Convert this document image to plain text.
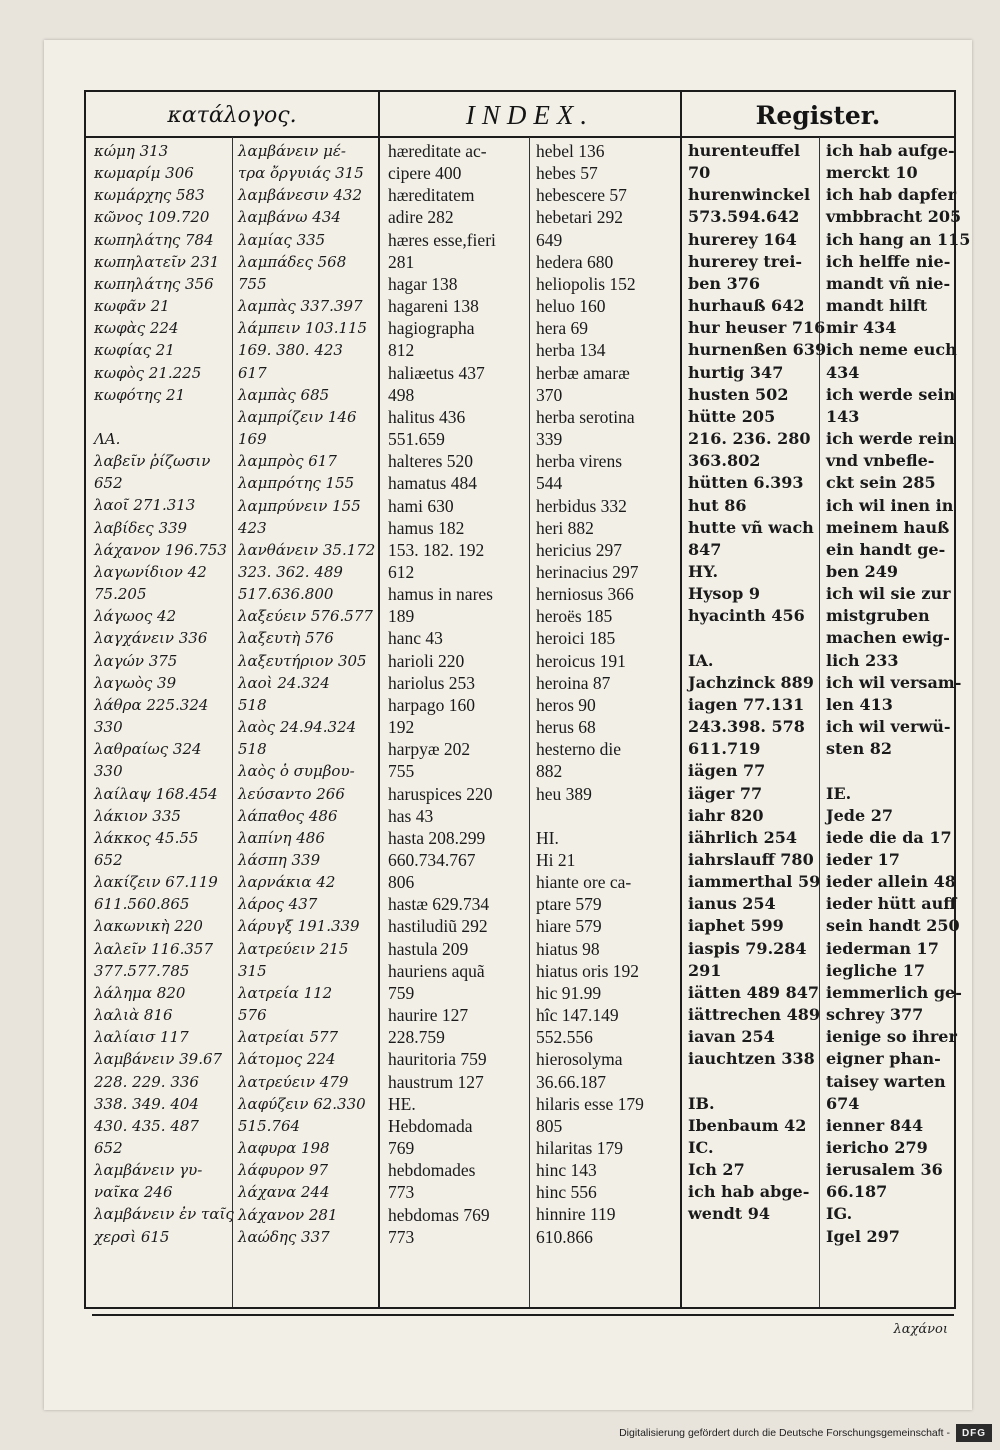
κατάλογος.	INDEX.	Register.
κώμη 313
κωμαρίμ 306
κωμάρχης 583
κῶνος 109.720
κωπηλάτης 784
κωπηλατεῖν 231
κωπηλάτης 356
κωφᾶν 21
κωφὰς 224
κωφίας 21
κωφὸς 21.225
κωφότης 21
ΛΑ.
λαβεῖν ῥίζωσιν
652
λαοῖ 271.313
λαβίδες 339
λάχανον 196.753
λαγωνίδιον 42
75.205
λάγωος 42
λαγχάνειν 336
λαγών 375
λαγωὸς 39
λάθρα 225.324
330
λαθραίως 324
330
λαίλαψ 168.454
λάκιον 335
λάκκος 45.55
652
λακίζειν 67.119
611.560.865
λακωνικὴ 220
λαλεῖν 116.357
377.577.785
λάλημα 820
λαλιὰ 816
λαλίαισ 117
λαμβάνειν 39.67
228. 229. 336
338. 349. 404
430. 435. 487
652
λαμβάνειν γυ-
ναῖκα 246
λαμβάνειν ἐν ταῖς
χερσὶ 615
λαμβάνειν μέ-
τρα ὄργυιάς 315
λαμβάνεσιν 432
λαμβάνω 434
λαμίας 335
λαμπάδες 568
755
λαμπὰς 337.397
λάμπειν 103.115
169. 380. 423
617
λαμπὰς 685
λαμπρίζειν 146
169
λαμπρὸς 617
λαμπρότης 155
λαμπρύνειν 155
423
λανθάνειν 35.172
323. 362. 489
517.636.800
λαξεύειν 576.577
λαξευτὴ 576
λαξευτήριον 305
λαοὶ 24.324
518
λαὸς 24.94.324
518
λαὸς ὁ συμβου-
λεύσαντο 266
λάπαθος 486
λαπίνη 486
λάσπη 339
λαρνάκια 42
λάρος 437
λάρυγξ 191.339
λατρεύειν 215
315
λατρεία 112
576
λατρείαι 577
λάτομος 224
λατρεύειν 479
λαφύζειν 62.330
515.764
λαφυρα 198
λάφυρον 97
λάχανα 244
λάχανον 281
λαώδης 337
hæreditate ac-
cipere 400
hæreditatem
adire 282
hæres esse,fieri
281
hagar 138
hagareni 138
hagiographa
812
haliæetus 437
498
halitus 436
551.659
halteres 520
hamatus 484
hami 630
hamus 182
153. 182. 192
612
hamus in nares
189
hanc 43
harioli 220
hariolus 253
harpago 160
192
harpyæ 202
755
haruspices 220
has 43
hasta 208.299
660.734.767
806
hastæ 629.734
hastiludiũ 292
hastula 209
hauriens aquã
759
haurire 127
228.759
hauritoria 759
haustrum 127
HE.
Hebdomada
769
hebdomades
773
hebdomas 769
773
hebel 136
hebes 57
hebescere 57
hebetari 292
649
hedera 680
heliopolis 152
heluo 160
hera 69
herba 134
herbæ amaræ
370
herba serotina
339
herba virens
544
herbidus 332
heri 882
hericius 297
herinacius 297
herniosus 366
heroës 185
heroici 185
heroicus 191
heroina 87
heros 90
herus 68
hesterno die
882
heu 389
HI.
Hi 21
hiante ore ca-
ptare 579
hiare 579
hiatus 98
hiatus oris 192
hic 91.99
hîc 147.149
552.556
hierosolyma
36.66.187
hilaris esse 179
805
hilaritas 179
hinc 143
hinc 556
hinnire 119
610.866
hurenteuffel
70
hurenwinckel
573.594.642
hurerey 164
hurerey trei-
ben 376
hurhauß 642
hur heuser 716
hurnenßen 639
hurtig 347
husten 502
hütte 205
216. 236. 280
363.802
hütten 6.393
hut 86
hutte vñ wach
847
HY.
Hysop 9
hyacinth 456
IA.
Jachzinck 889
iagen 77.131
243.398. 578
611.719
iägen 77
iäger 77
iahr 820
iährlich 254
iahrslauff 780
iammerthal 59
ianus 254
iaphet 599
iaspis 79.284
291
iätten 489 847
iättrechen 489
iavan 254
iauchtzen 338
IB.
Ibenbaum 42
IC.
Ich 27
ich hab abge-
wendt 94
ich hab aufge-
merckt 10
ich hab dapfer
vmbbracht 205
ich hang an 115
ich helffe nie-
mandt vñ nie-
mandt hilft
mir 434
ich neme euch
434
ich werde sein
143
ich werde rein
vnd vnbefle-
ckt sein 285
ich wil inen in
meinem hauß
ein handt ge-
ben 249
ich wil sie zur
mistgruben
machen ewig-
lich 233
ich wil versam-
len 413
ich wil verwü-
sten 82
IE.
Jede 27
iede die da 17
ieder 17
ieder allein 48
ieder hütt auff
sein handt 250
iederman 17
iegliche 17
iemmerlich ge-
schrey 377
ienige so ihrer
eigner phan-
taisey warten
674
ienner 844
iericho 279
ierusalem 36
66.187
IG.
Igel 297
λαχάνοι
Digitalisierung gefördert durch die Deutsche Forschungsgemeinschaft -	DFG
